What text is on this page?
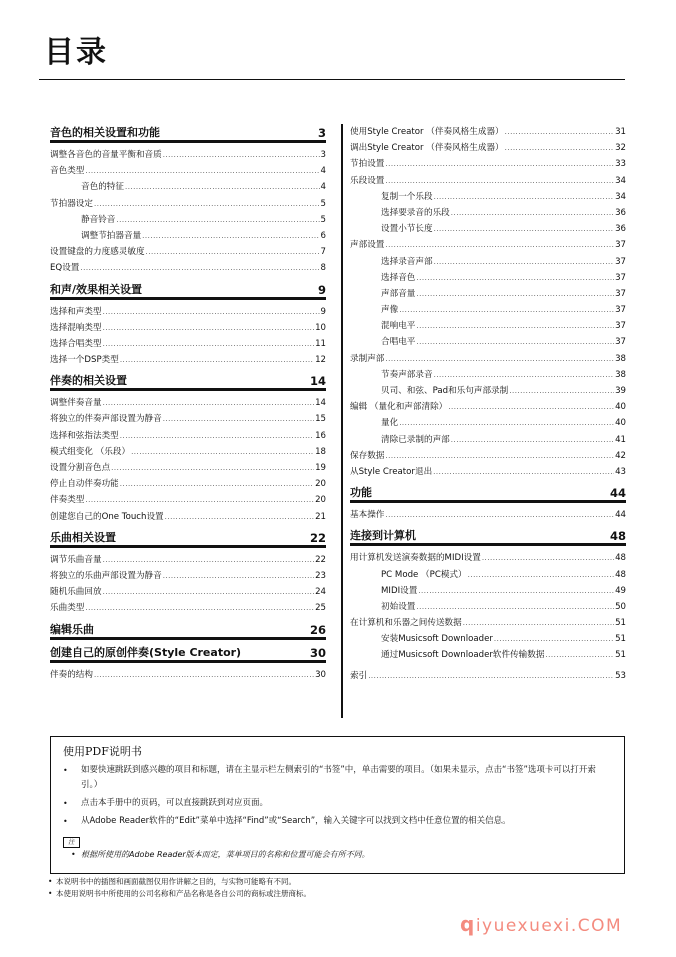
目录
音色的相关设置和功能	3
调整各音色的音量平衡和音质 .....	3
音色类型 .....	4
音色的特征 .....	4
节拍器设定 .....	5
静音铃音 .....	5
调整节拍器音量 .....	6
设置键盘的力度感灵敏度 .....	7
EQ设置 .....	8
和声/效果相关设置	9
选择和声类型 .....	9
选择混响类型 .....	10
选择合唱类型 .....	11
选择一个DSP类型 .....	12
伴奏的相关设置	14
调整伴奏音量 .....	14
将独立的伴奏声部设置为静音 .....	15
选择和弦指法类型 .....	16
模式组变化 （乐段） .....	18
设置分割音色点 .....	19
停止自动伴奏功能 .....	20
伴奏类型 .....	20
创建您自己的One Touch设置 .....	21
乐曲相关设置	22
调节乐曲音量 .....	22
将独立的乐曲声部设置为静音 .....	23
随机乐曲回放 .....	24
乐曲类型 .....	25
编辑乐曲	26
创建自己的原创伴奏(Style Creator)	30
伴奏的结构 .....	30
使用Style Creator （伴奏风格生成器） .....	31
调出Style Creator （伴奏风格生成器） .....	32
节拍设置 .....	33
乐段设置 .....	34
复制一个乐段 .....	34
选择要录音的乐段 .....	36
设置小节长度 .....	36
声部设置 .....	37
选择录音声部 .....	37
选择音色 .....	37
声部音量 .....	37
声像 .....	37
混响电平 .....	37
合唱电平 .....	37
录制声部 .....	38
节奏声部录音 .....	38
贝司、和弦、Pad和乐句声部录制 .....	39
编辑 （量化和声部清除） .....	40
量化 .....	40
清除已录制的声部 .....	41
保存数据 .....	42
从Style Creator退出 .....	43
功能	44
基本操作 .....	44
连接到计算机	48
用计算机发送演奏数据的MIDI设置 .....	48
PC Mode （PC模式） .....	48
MIDI设置 .....	49
初始设置 .....	50
在计算机和乐器之间传送数据 .....	51
安装Musicsoft Downloader .....	51
通过Musicsoft Downloader软件传输数据 .....	51
索引 .....	53
使用PDF说明书
•	如要快速跳跃到感兴趣的项目和标题，请在主显示栏左侧索引的“书签”中，单击需要的项目。（如果未显示，点击“书签”选项卡可以打开索引。）
•	点击本手册中的页码，可以直接跳跃到对应页面。
•	从Adobe Reader软件的“Edit”菜单中选择“Find”或“Search”，输入关键字可以找到文档中任意位置的相关信息。
注
• 根据所使用的Adobe Reader版本而定，菜单项目的名称和位置可能会有所不同。
• 本说明书中的插图和画面截图仅用作讲解之目的，与实物可能略有不同。
• 本使用说明书中所使用的公司名称和产品名称是各自公司的商标或注册商标。
qiyuexuexi.COM
